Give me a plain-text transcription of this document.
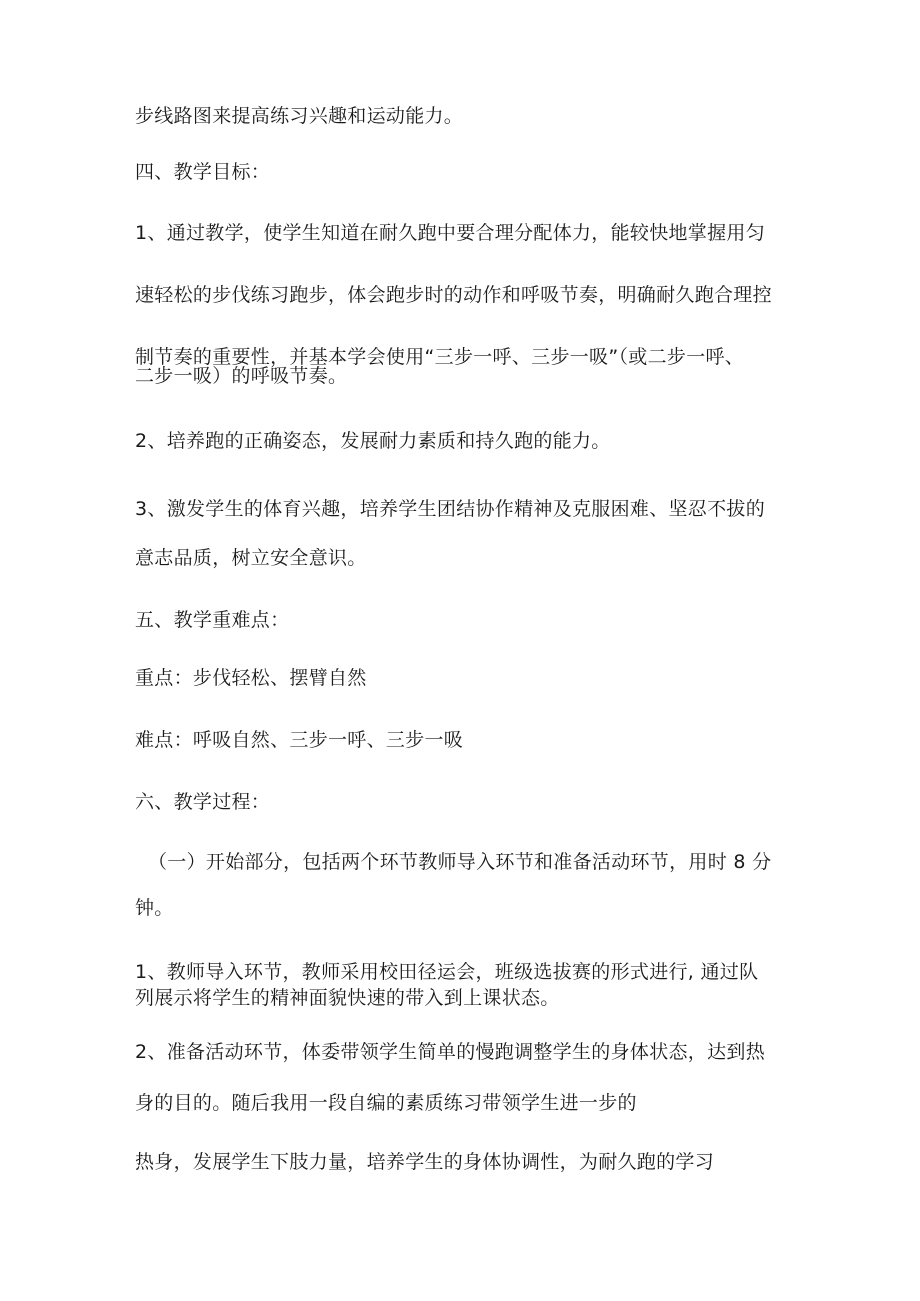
步线路图来提高练习兴趣和运动能力。

四、教学目标：

1、通过教学，使学生知道在耐久跑中要合理分配体力，能较快地掌握用匀

速轻松的步伐练习跑步，体会跑步时的动作和呼吸节奏，明确耐久跑合理控

制节奏的重要性，并基本学会使用“三步一呼、三步一吸”（或二步一呼、

二步一吸）的呼吸节奏。

2、培养跑的正确姿态，发展耐力素质和持久跑的能力。

3、激发学生的体育兴趣，培养学生团结协作精神及克服困难、坚忍不拔的

意志品质，树立安全意识。

五、教学重难点：

重点：步伐轻松、摆臂自然

难点：呼吸自然、三步一呼、三步一吸

六、教学过程：

（一）开始部分，包括两个环节教师导入环节和准备活动环节，用时 8 分

钟。

1、教师导入环节，教师采用校田径运会，班级选拔赛的形式进行, 通过队

列展示将学生的精神面貌快速的带入到上课状态。

2、准备活动环节，体委带领学生简单的慢跑调整学生的身体状态，达到热

身的目的。随后我用一段自编的素质练习带领学生进一步的

热身，发展学生下肢力量，培养学生的身体协调性，为耐久跑的学习
